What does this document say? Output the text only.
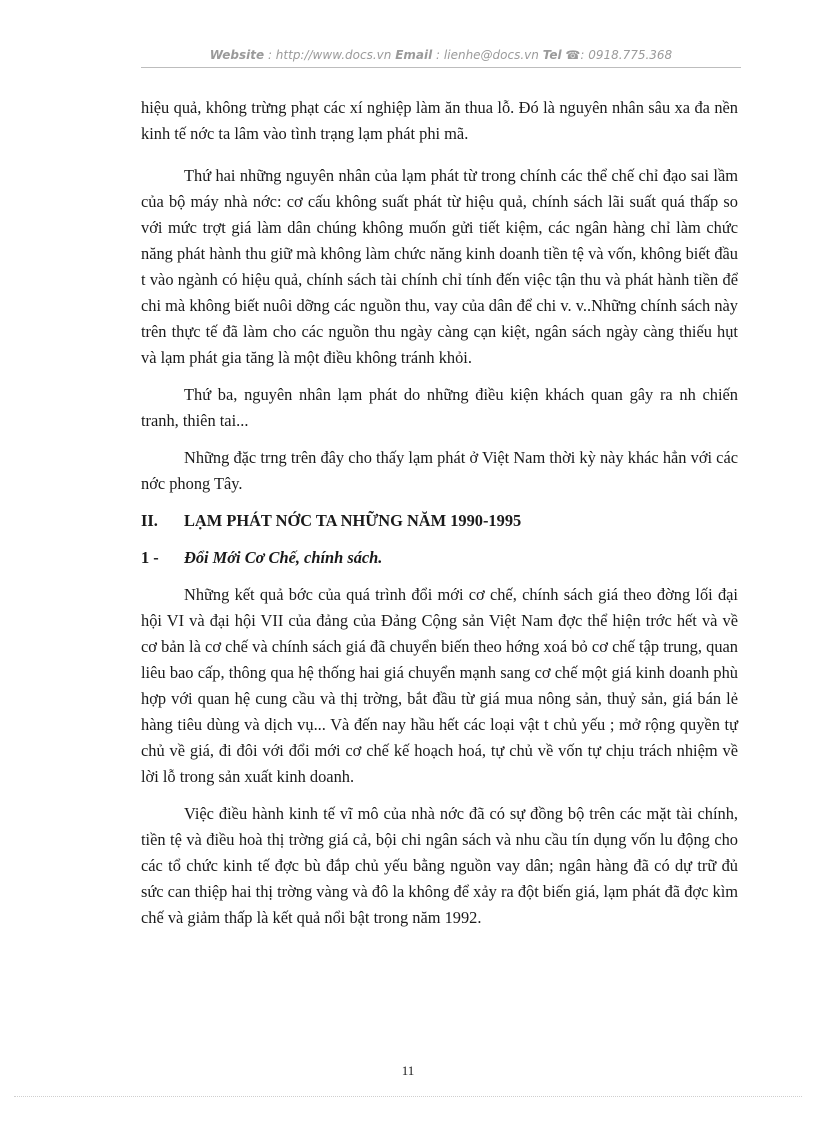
Website : http://www.docs.vn Email : lienhe@docs.vn Tel ☎: 0918.775.368

hiệu quả, không trừng phạt các xí nghiệp làm ăn thua lỗ. Đó là nguyên nhân sâu xa đa nền kinh tế nớc ta lâm vào tình trạng lạm phát phi mã.

Thứ hai những nguyên nhân của lạm phát từ trong chính các thể chế chỉ đạo sai lầm của bộ máy nhà nớc: cơ cấu không suất phát từ hiệu quả, chính sách lãi suất quá thấp so với mức trợt giá làm dân chúng không muốn gửi tiết kiệm, các ngân hàng chỉ làm chức năng phát hành thu giữ mà không làm chức năng kinh doanh tiền tệ và vốn, không biết đầu t vào ngành có hiệu quả, chính sách tài chính chỉ tính đến việc tận thu và phát hành tiền để chi mà không biết nuôi dỡng các nguồn thu, vay của dân để chi v. v..Những chính sách này trên thực tế đã làm cho các nguồn thu ngày càng cạn kiệt, ngân sách ngày càng thiếu hụt và lạm phát gia tăng là một điều không tránh khỏi.

Thứ ba, nguyên nhân lạm phát do những điều kiện khách quan gây ra nh chiến tranh, thiên tai...

Những đặc trng trên đây cho thấy lạm phát ở Việt Nam thời kỳ này khác hẳn với các nớc phong Tây.

II.	LẠM PHÁT NỚC TA NHỮNG NĂM 1990-1995
1 -	Đổi Mới Cơ Chế, chính sách.

Những kết quả bớc của quá trình đổi mới cơ chế, chính sách giá theo đờng lối đại hội VI và đại hội VII của đảng của Đảng Cộng sản Việt Nam đợc thể hiện trớc hết và về cơ bản là cơ chế và chính sách giá đã chuyển biến theo hớng xoá bỏ cơ chế tập trung, quan liêu bao cấp, thông qua hệ thống hai giá chuyển mạnh sang cơ chế một giá kinh doanh phù hợp với quan hệ cung cầu và thị trờng, bắt đầu từ giá mua nông sản, thuỷ sản, giá bán lẻ hàng tiêu dùng và dịch vụ... Và đến nay hầu hết các loại vật t chủ yếu ; mở rộng quyền tự chủ về giá, đi đôi với đổi mới cơ chế kế hoạch hoá, tự chủ về vốn tự chịu trách nhiệm về lời lỗ trong sản xuất kinh doanh.

Việc điều hành kinh tế vĩ mô của nhà nớc đã có sự đồng bộ trên các mặt tài chính, tiền tệ và điều hoà thị trờng giá cả, bội chi ngân sách và nhu cầu tín dụng vốn lu động cho các tổ chức kinh tế đợc bù đắp chủ yếu bằng nguồn vay dân; ngân hàng đã có dự trữ đủ sức can thiệp hai thị trờng vàng và đô la không để xảy ra đột biến giá, lạm phát đã đợc kìm chế và giảm thấp là kết quả nổi bật trong năm 1992.

11
